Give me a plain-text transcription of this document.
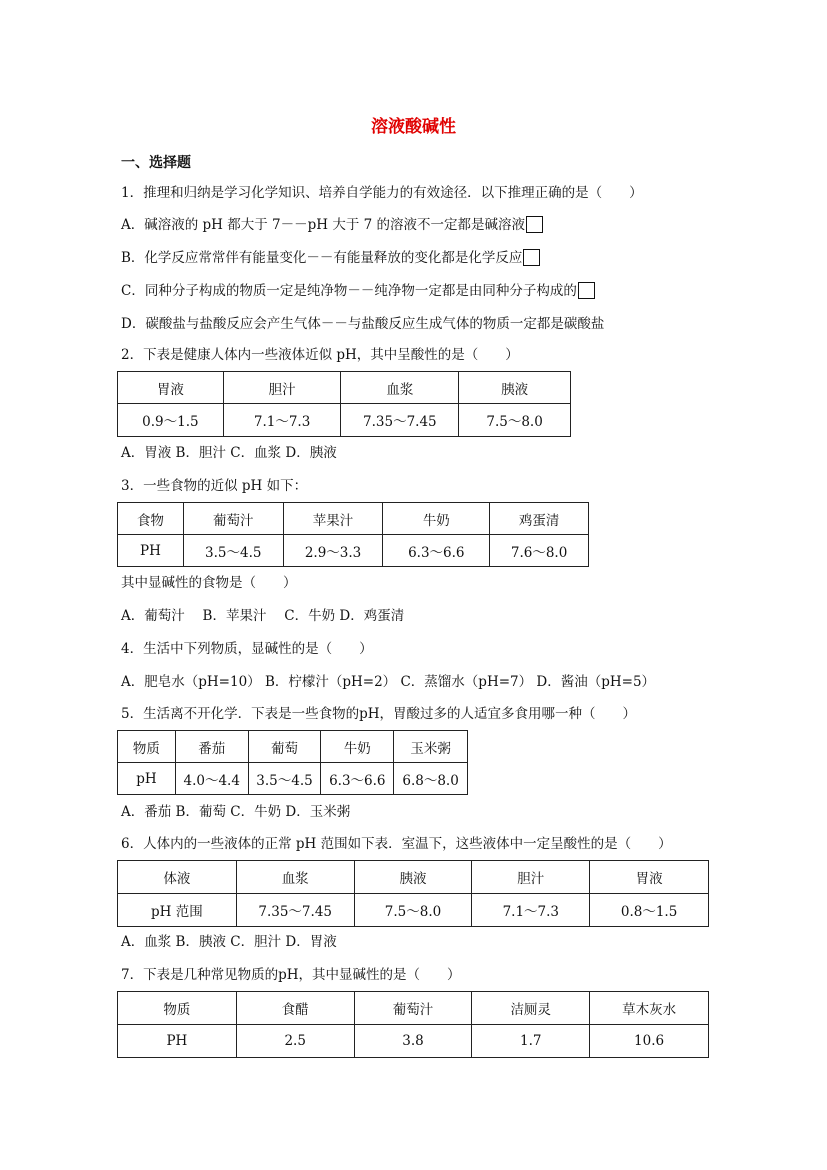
溶液酸碱性
一、选择题
1．推理和归纳是学习化学知识、培养自学能力的有效途径．以下推理正确的是（　　）
A．碱溶液的 pH 都大于 7－－pH 大于 7 的溶液不一定都是碱溶液
B．化学反应常常伴有能量变化－－有能量释放的变化都是化学反应
C．同种分子构成的物质一定是纯净物－－纯净物一定都是由同种分子构成的
D．碳酸盐与盐酸反应会产生气体－－与盐酸反应生成气体的物质一定都是碳酸盐
2．下表是健康人体内一些液体近似 pH，其中呈酸性的是（　　）
胃液	胆汁	血浆	胰液
0.9～1.5	7.1～7.3	7.35～7.45	7.5～8.0
A．胃液 B．胆汁 C．血浆 D．胰液
3．一些食物的近似 pH 如下：
食物	葡萄汁	苹果汁	牛奶	鸡蛋清
PH	3.5～4.5	2.9～3.3	6.3～6.6	7.6～8.0
其中显碱性的食物是（　　）
A．葡萄汁　 B．苹果汁　 C．牛奶 D．鸡蛋清
4．生活中下列物质，显碱性的是（　　）
A．肥皂水（pH=10） B．柠檬汁（pH=2） C．蒸馏水（pH=7） D．酱油（pH=5）
5．生活离不开化学．下表是一些食物的pH，胃酸过多的人适宜多食用哪一种（　　）
物质	番茄	葡萄	牛奶	玉米粥
pH	4.0～4.4	3.5～4.5	6.3～6.6	6.8～8.0
A．番茄 B．葡萄 C．牛奶 D．玉米粥
6．人体内的一些液体的正常 pH 范围如下表．室温下，这些液体中一定呈酸性的是（　　）
体液	血浆	胰液	胆汁	胃液
pH 范围	7.35～7.45	7.5～8.0	7.1～7.3	0.8～1.5
A．血浆 B．胰液 C．胆汁 D．胃液
7．下表是几种常见物质的pH，其中显碱性的是（　　）
物质	食醋	葡萄汁	洁厕灵	草木灰水
PH	2.5	3.8	1.7	10.6
